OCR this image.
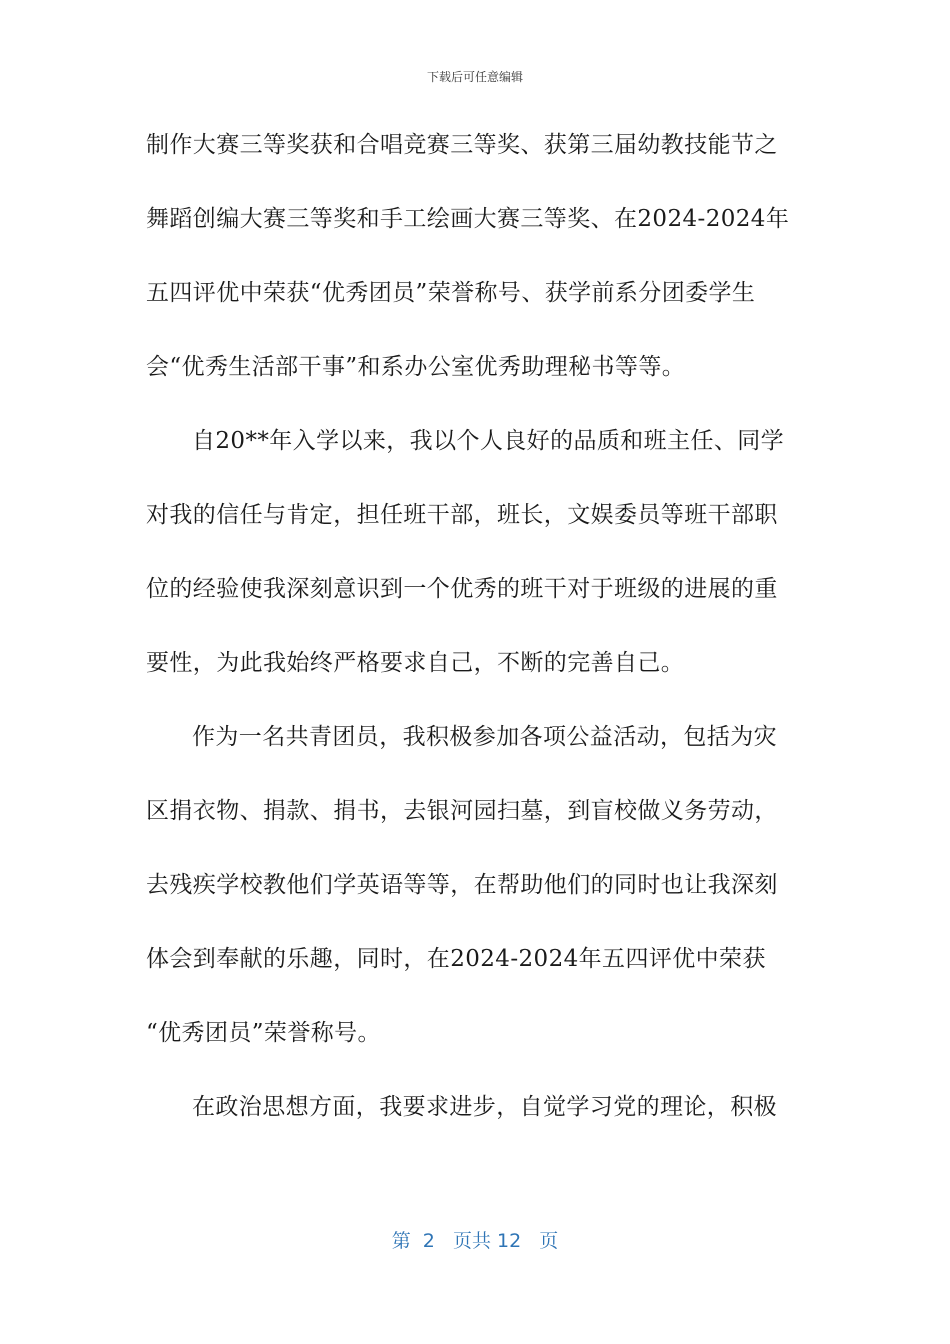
下载后可任意编辑
制作大赛三等奖获和合唱竞赛三等奖、获第三届幼教技能节之
舞蹈创编大赛三等奖和手工绘画大赛三等奖、在2024-2024年
五四评优中荣获“优秀团员”荣誉称号、获学前系分团委学生
会“优秀生活部干事”和系办公室优秀助理秘书等等。
自20**年入学以来，我以个人良好的品质和班主任、同学
对我的信任与肯定，担任班干部，班长，文娱委员等班干部职
位的经验使我深刻意识到一个优秀的班干对于班级的进展的重
要性，为此我始终严格要求自己，不断的完善自己。
作为一名共青团员，我积极参加各项公益活动，包括为灾
区捐衣物、捐款、捐书，去银河园扫墓，到盲校做义务劳动，
去残疾学校教他们学英语等等，在帮助他们的同时也让我深刻
体会到奉献的乐趣，同时，在2024-2024年五四评优中荣获
“优秀团员”荣誉称号。
在政治思想方面，我要求进步，自觉学习党的理论，积极
第  2   页共 12   页
